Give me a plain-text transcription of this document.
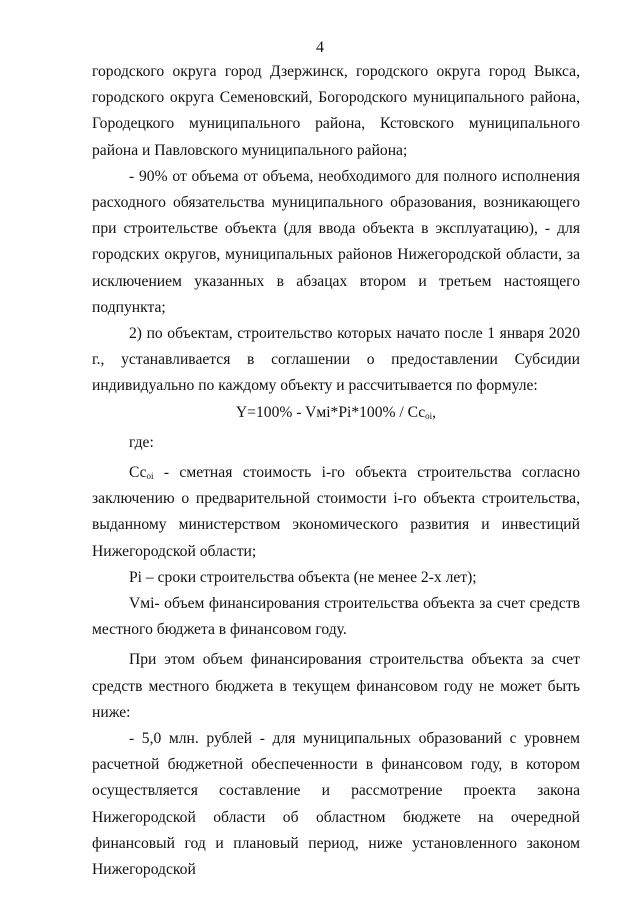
4

городского округа город Дзержинск, городского округа город Выкса, городского округа Семеновский, Богородского муниципального района, Городецкого муниципального района, Кстовского муниципального района и Павловского муниципального района;

- 90% от объема от объема, необходимого для полного исполнения расходного обязательства муниципального образования, возникающего при строительстве объекта (для ввода объекта в эксплуатацию), - для городских округов, муниципальных районов Нижегородской области, за исключением указанных в абзацах втором и третьем настоящего подпункта;

2) по объектам, строительство которых начато после 1 января 2020 г., устанавливается в соглашении о предоставлении Субсидии индивидуально по каждому объекту и рассчитывается по формуле:

$Y=100\% - Vмi*Pi*100\% / Сс_{oi}$,

где:

$Сс_{oi}$ - сметная стоимость i-го объекта строительства согласно заключению о предварительной стоимости i-го объекта строительства, выданному министерством экономического развития и инвестиций Нижегородской области;

Pi – сроки строительства объекта (не менее 2-х лет);

Vмi- объем финансирования строительства объекта за счет средств местного бюджета в финансовом году.

При этом объем финансирования строительства объекта за счет средств местного бюджета в текущем финансовом году не может быть ниже:

- 5,0 млн. рублей - для муниципальных образований с уровнем расчетной бюджетной обеспеченности в финансовом году, в котором осуществляется составление и рассмотрение проекта закона Нижегородской области об областном бюджете на очередной финансовый год и плановый период, ниже установленного законом Нижегородской
